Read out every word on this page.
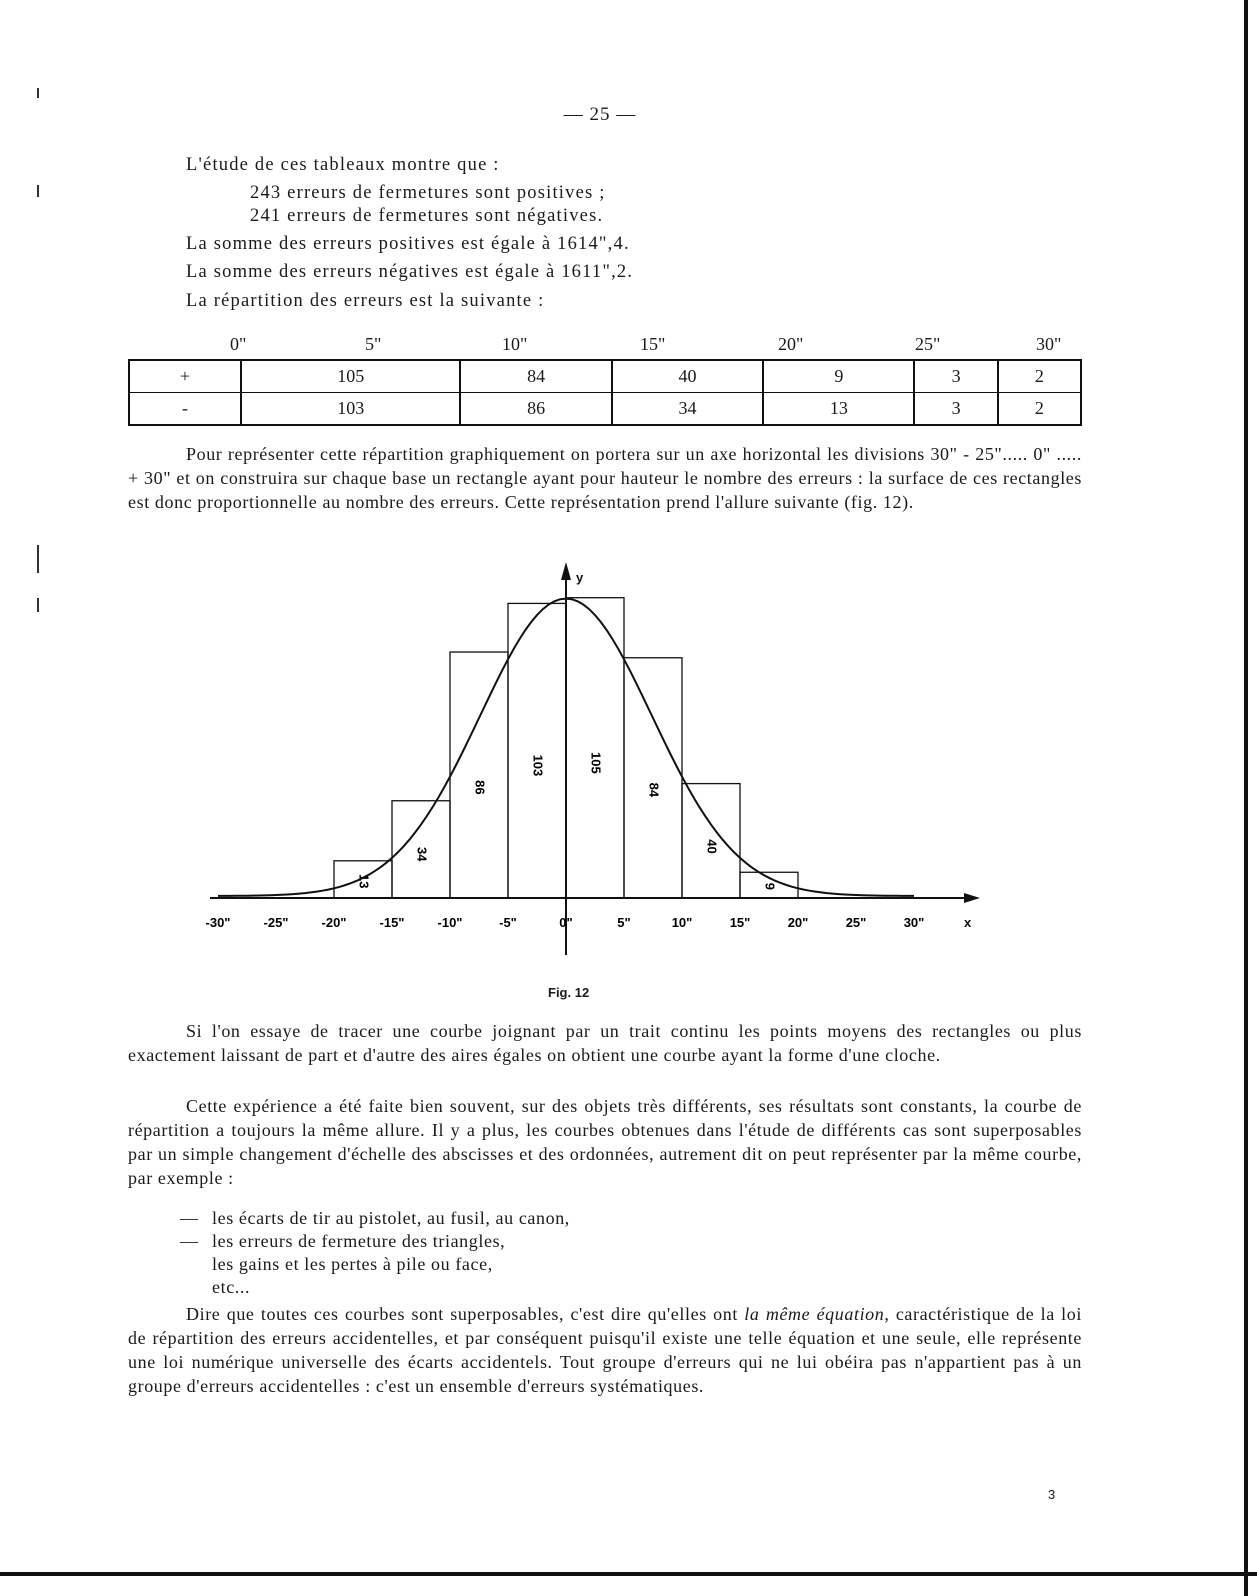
— 25 —
L'étude de ces tableaux montre que :
243 erreurs de fermetures sont positives ;
241 erreurs de fermetures sont négatives.
La somme des erreurs positives est égale à 1614",4.
La somme des erreurs négatives est égale à 1611",2.
La répartition des erreurs est la suivante :
0"	5"	10"	15"	20"	25"	30"
+	105	84	40	9	3	2
-	103	86	34	13	3	2

Pour représenter cette répartition graphiquement on portera sur un axe horizontal les divisions 30" - 25"..... 0" ..... + 30" et on construira sur chaque base un rectangle ayant pour hauteur le nombre des erreurs : la surface de ces rectangles est donc proportionnelle au nombre des erreurs. Cette représentation prend l'allure suivante (fig. 12).

13
34
86
103	105
84
40
9
x
y
-30"	-25"	-20"	-15"	-10"	-5"	0"	5"	10"	15"	20"	25"	30"
Fig. 12

Si l'on essaye de tracer une courbe joignant par un trait continu les points moyens des rectangles ou plus exactement laissant de part et d'autre des aires égales on obtient une courbe ayant la forme d'une cloche.

Cette expérience a été faite bien souvent, sur des objets très différents, ses résultats sont constants, la courbe de répartition a toujours la même allure. Il y a plus, les courbes obtenues dans l'étude de différents cas sont superposables par un simple changement d'échelle des abscisses et des ordonnées, autrement dit on peut représenter par la même courbe, par exemple :

— les écarts de tir au pistolet, au fusil, au canon,
— les erreurs de fermeture des triangles,
les gains et les pertes à pile ou face,
etc...

Dire que toutes ces courbes sont superposables, c'est dire qu'elles ont la même équation, caractéristique de la loi de répartition des erreurs accidentelles, et par conséquent puisqu'il existe une telle équation et une seule, elle représente une loi numérique universelle des écarts accidentels. Tout groupe d'erreurs qui ne lui obéira pas n'appartient pas à un groupe d'erreurs accidentelles : c'est un ensemble d'erreurs systématiques.

3
